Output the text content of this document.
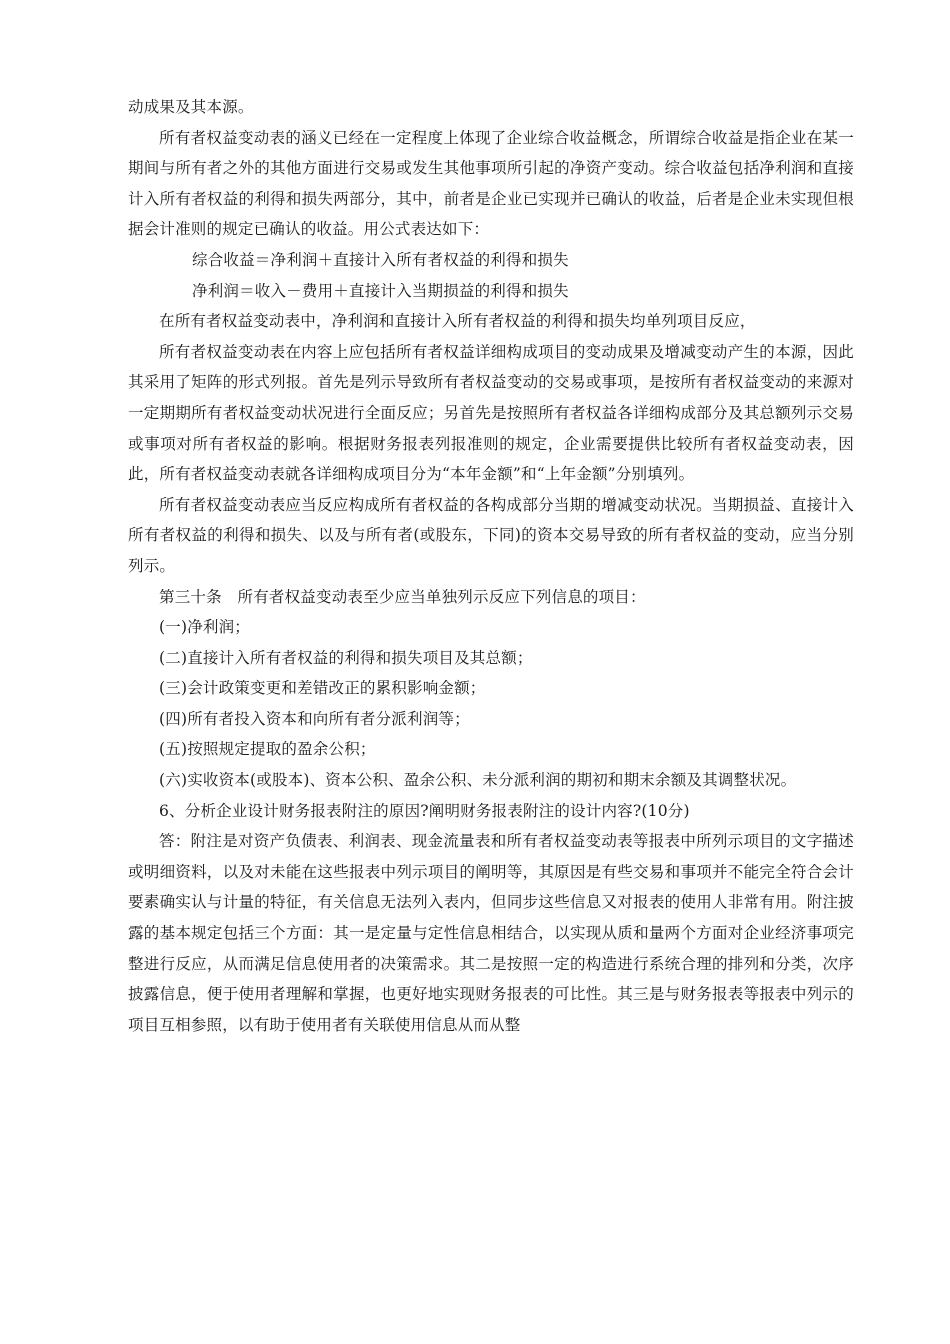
动成果及其本源。

所有者权益变动表的涵义已经在一定程度上体现了企业综合收益概念，所谓综合收益是指企业在某一期间与所有者之外的其他方面进行交易或发生其他事项所引起的净资产变动。综合收益包括净利润和直接计入所有者权益的利得和损失两部分，其中，前者是企业已实现并已确认的收益，后者是企业未实现但根据会计准则的规定已确认的收益。用公式表达如下：

综合收益＝净利润＋直接计入所有者权益的利得和损失

净利润＝收入－费用＋直接计入当期损益的利得和损失

在所有者权益变动表中，净利润和直接计入所有者权益的利得和损失均单列项目反应，

所有者权益变动表在内容上应包括所有者权益详细构成项目的变动成果及增减变动产生的本源，因此其采用了矩阵的形式列报。首先是列示导致所有者权益变动的交易或事项，是按所有者权益变动的来源对一定期期所有者权益变动状况进行全面反应；另首先是按照所有者权益各详细构成部分及其总额列示交易或事项对所有者权益的影响。根据财务报表列报准则的规定，企业需要提供比较所有者权益变动表，因此，所有者权益变动表就各详细构成项目分为“本年金额”和“上年金额”分别填列。

所有者权益变动表应当反应构成所有者权益的各构成部分当期的增减变动状况。当期损益、直接计入所有者权益的利得和损失、以及与所有者(或股东，下同)的资本交易导致的所有者权益的变动，应当分别列示。

第三十条　所有者权益变动表至少应当单独列示反应下列信息的项目：

(一)净利润；

(二)直接计入所有者权益的利得和损失项目及其总额；

(三)会计政策变更和差错改正的累积影响金额；

(四)所有者投入资本和向所有者分派利润等；

(五)按照规定提取的盈余公积；

(六)实收资本(或股本)、资本公积、盈余公积、未分派利润的期初和期末余额及其调整状况。

6、分析企业设计财务报表附注的原因?阐明财务报表附注的设计内容?(10分)

答：附注是对资产负债表、利润表、现金流量表和所有者权益变动表等报表中所列示项目的文字描述或明细资料，以及对未能在这些报表中列示项目的阐明等，其原因是有些交易和事项并不能完全符合会计要素确实认与计量的特征，有关信息无法列入表内，但同步这些信息又对报表的使用人非常有用。附注披露的基本规定包括三个方面：其一是定量与定性信息相结合，以实现从质和量两个方面对企业经济事项完整进行反应，从而满足信息使用者的决策需求。其二是按照一定的构造进行系统合理的排列和分类，次序披露信息，便于使用者理解和掌握，也更好地实现财务报表的可比性。其三是与财务报表等报表中列示的项目互相参照，以有助于使用者有关联使用信息从而从整
